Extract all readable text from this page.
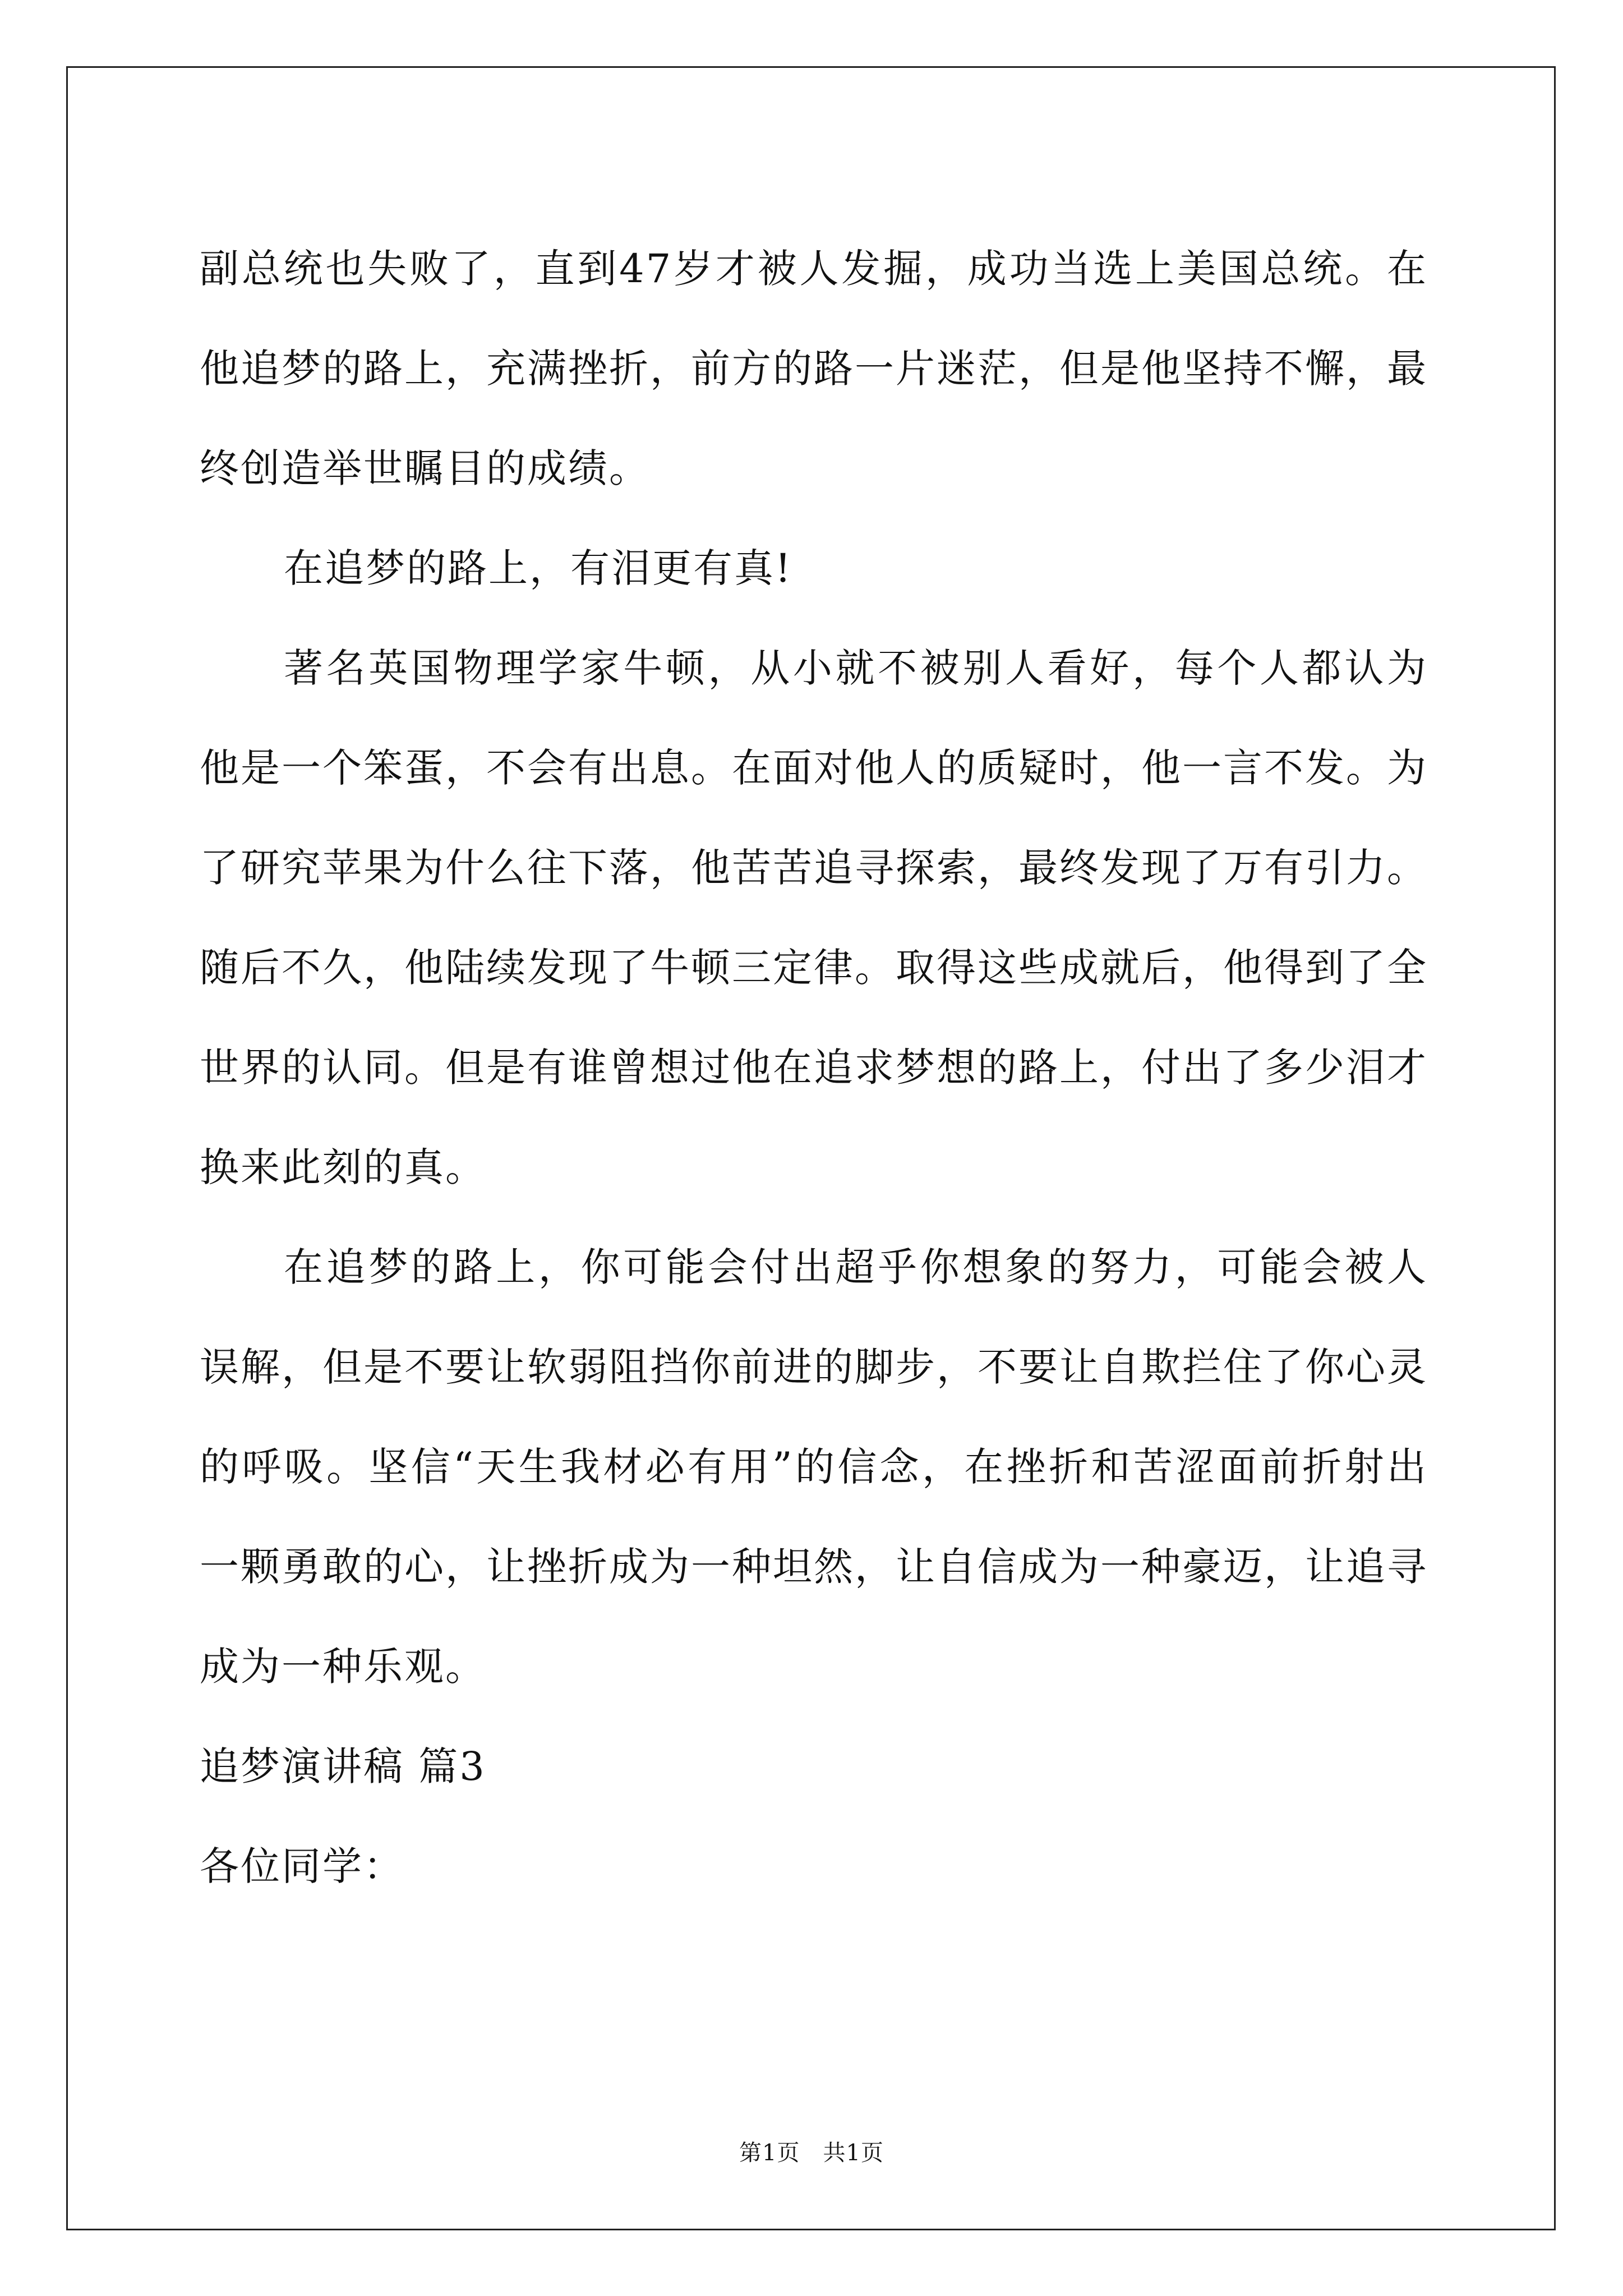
副总统也失败了，直到47岁才被人发掘，成功当选上美国总统。在他追梦的路上，充满挫折，前方的路一片迷茫，但是他坚持不懈，最终创造举世瞩目的成绩。

在追梦的路上，有泪更有真!

著名英国物理学家牛顿，从小就不被别人看好，每个人都认为他是一个笨蛋，不会有出息。在面对他人的质疑时，他一言不发。为了研究苹果为什么往下落，他苦苦追寻探索，最终发现了万有引力。随后不久，他陆续发现了牛顿三定律。取得这些成就后，他得到了全世界的认同。但是有谁曾想过他在追求梦想的路上，付出了多少泪才换来此刻的真。

在追梦的路上，你可能会付出超乎你想象的努力，可能会被人误解，但是不要让软弱阻挡你前进的脚步，不要让自欺拦住了你心灵的呼吸。坚信“天生我材必有用”的信念，在挫折和苦涩面前折射出一颗勇敢的心，让挫折成为一种坦然，让自信成为一种豪迈，让追寻成为一种乐观。

追梦演讲稿 篇3

各位同学：

第1页　共1页
